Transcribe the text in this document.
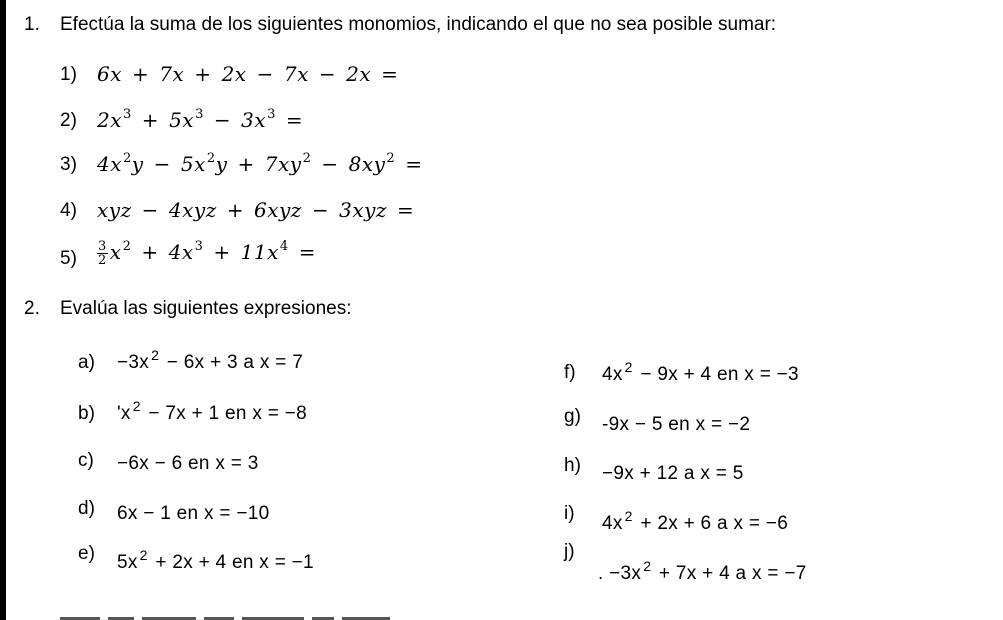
1. Efectúa la suma de los siguientes monomios, indicando el que no sea posible sumar:
1) 6x + 7x + 2x − 7x − 2x =
2) $2x^3 + 5x^3 - 3x^3$ =
3) $4x^2y - 5x^2y + 7xy^2 - 8xy^2$ =
4) xyz − 4xyz + 6xyz − 3xyz =
$5) \frac{3}{2} x^2 + 4x^3 + 11x^4$ =
2. Evalúa las siguientes expresiones:
a) −3x $^2$ − 6x + 3 a x = 7
b) 'x $^2$ − 7x + 1 en x = −8
c) −6x − 6 en x = 3
d) 6x − 1 en x = −10
e) 5x $^2$ + 2x + 4 en x = −1
f) 4x $^2$ − 9x + 4 en x = −3
g) -9x − 5 en x = −2
h) −9x + 12 a x = 5
i) 4x $^2$ + 2x + 6 a x = −6
j)
. −3x $^2$ + 7x + 4 a x = −7
